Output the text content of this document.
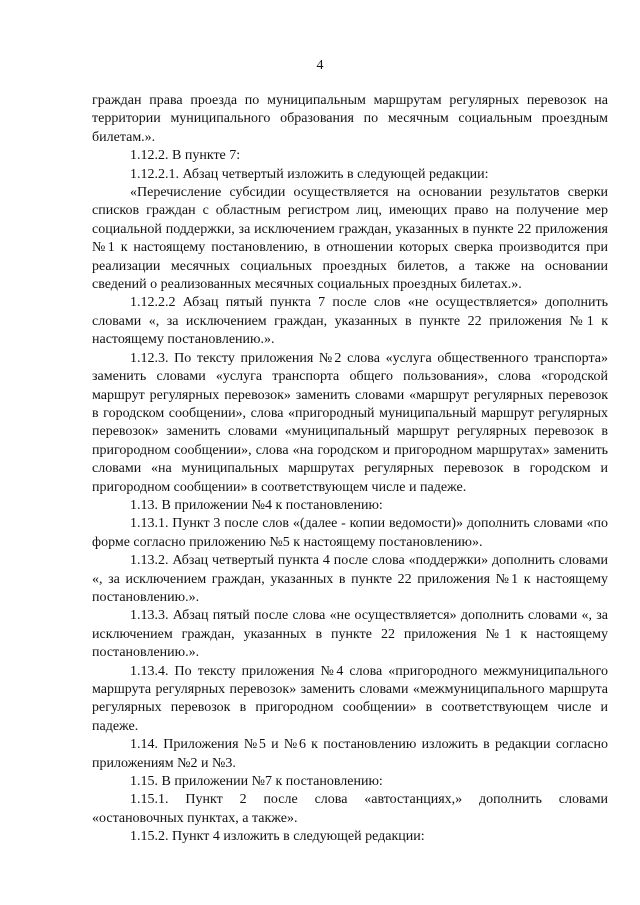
4

граждан права проезда по муниципальным маршрутам регулярных перевозок на территории муниципального образования по месячным социальным проездным билетам.».

1.12.2. В пункте 7:

1.12.2.1. Абзац четвертый изложить в следующей редакции:

«Перечисление субсидии осуществляется на основании результатов сверки списков граждан с областным регистром лиц, имеющих право на получение мер социальной поддержки, за исключением граждан, указанных в пункте 22 приложения №1 к настоящему постановлению, в отношении которых сверка производится при реализации месячных социальных проездных билетов, а также на основании сведений о реализованных месячных социальных проездных билетах.».

1.12.2.2 Абзац пятый пункта 7 после слов «не осуществляется» дополнить словами «, за исключением граждан, указанных в пункте 22 приложения №1 к настоящему постановлению.».

1.12.3. По тексту приложения №2 слова «услуга общественного транспорта» заменить словами «услуга транспорта общего пользования», слова «городской маршрут регулярных перевозок» заменить словами «маршрут регулярных перевозок в городском сообщении», слова «пригородный муниципальный маршрут регулярных перевозок» заменить словами «муниципальный маршрут регулярных перевозок в пригородном сообщении», слова «на городском и пригородном маршрутах» заменить словами «на муниципальных маршрутах регулярных перевозок в городском и пригородном сообщении» в соответствующем числе и падеже.

1.13. В приложении №4 к постановлению:

1.13.1. Пункт 3 после слов «(далее - копии ведомости)» дополнить словами «по форме согласно приложению №5 к настоящему постановлению».

1.13.2. Абзац четвертый пункта 4 после слова «поддержки» дополнить словами «, за исключением граждан, указанных в пункте 22 приложения №1 к настоящему постановлению.».

1.13.3. Абзац пятый после слова «не осуществляется» дополнить словами «, за исключением граждан, указанных в пункте 22 приложения №1 к настоящему постановлению.».

1.13.4. По тексту приложения №4 слова «пригородного межмуниципального маршрута регулярных перевозок» заменить словами «межмуниципального маршрута регулярных перевозок в пригородном сообщении» в соответствующем числе и падеже.

1.14. Приложения №5 и №6 к постановлению изложить в редакции согласно приложениям №2 и №3.

1.15. В приложении №7 к постановлению:

1.15.1. Пункт 2 после слова «автостанциях,» дополнить словами «остановочных пунктах, а также».

1.15.2. Пункт 4 изложить в следующей редакции:
